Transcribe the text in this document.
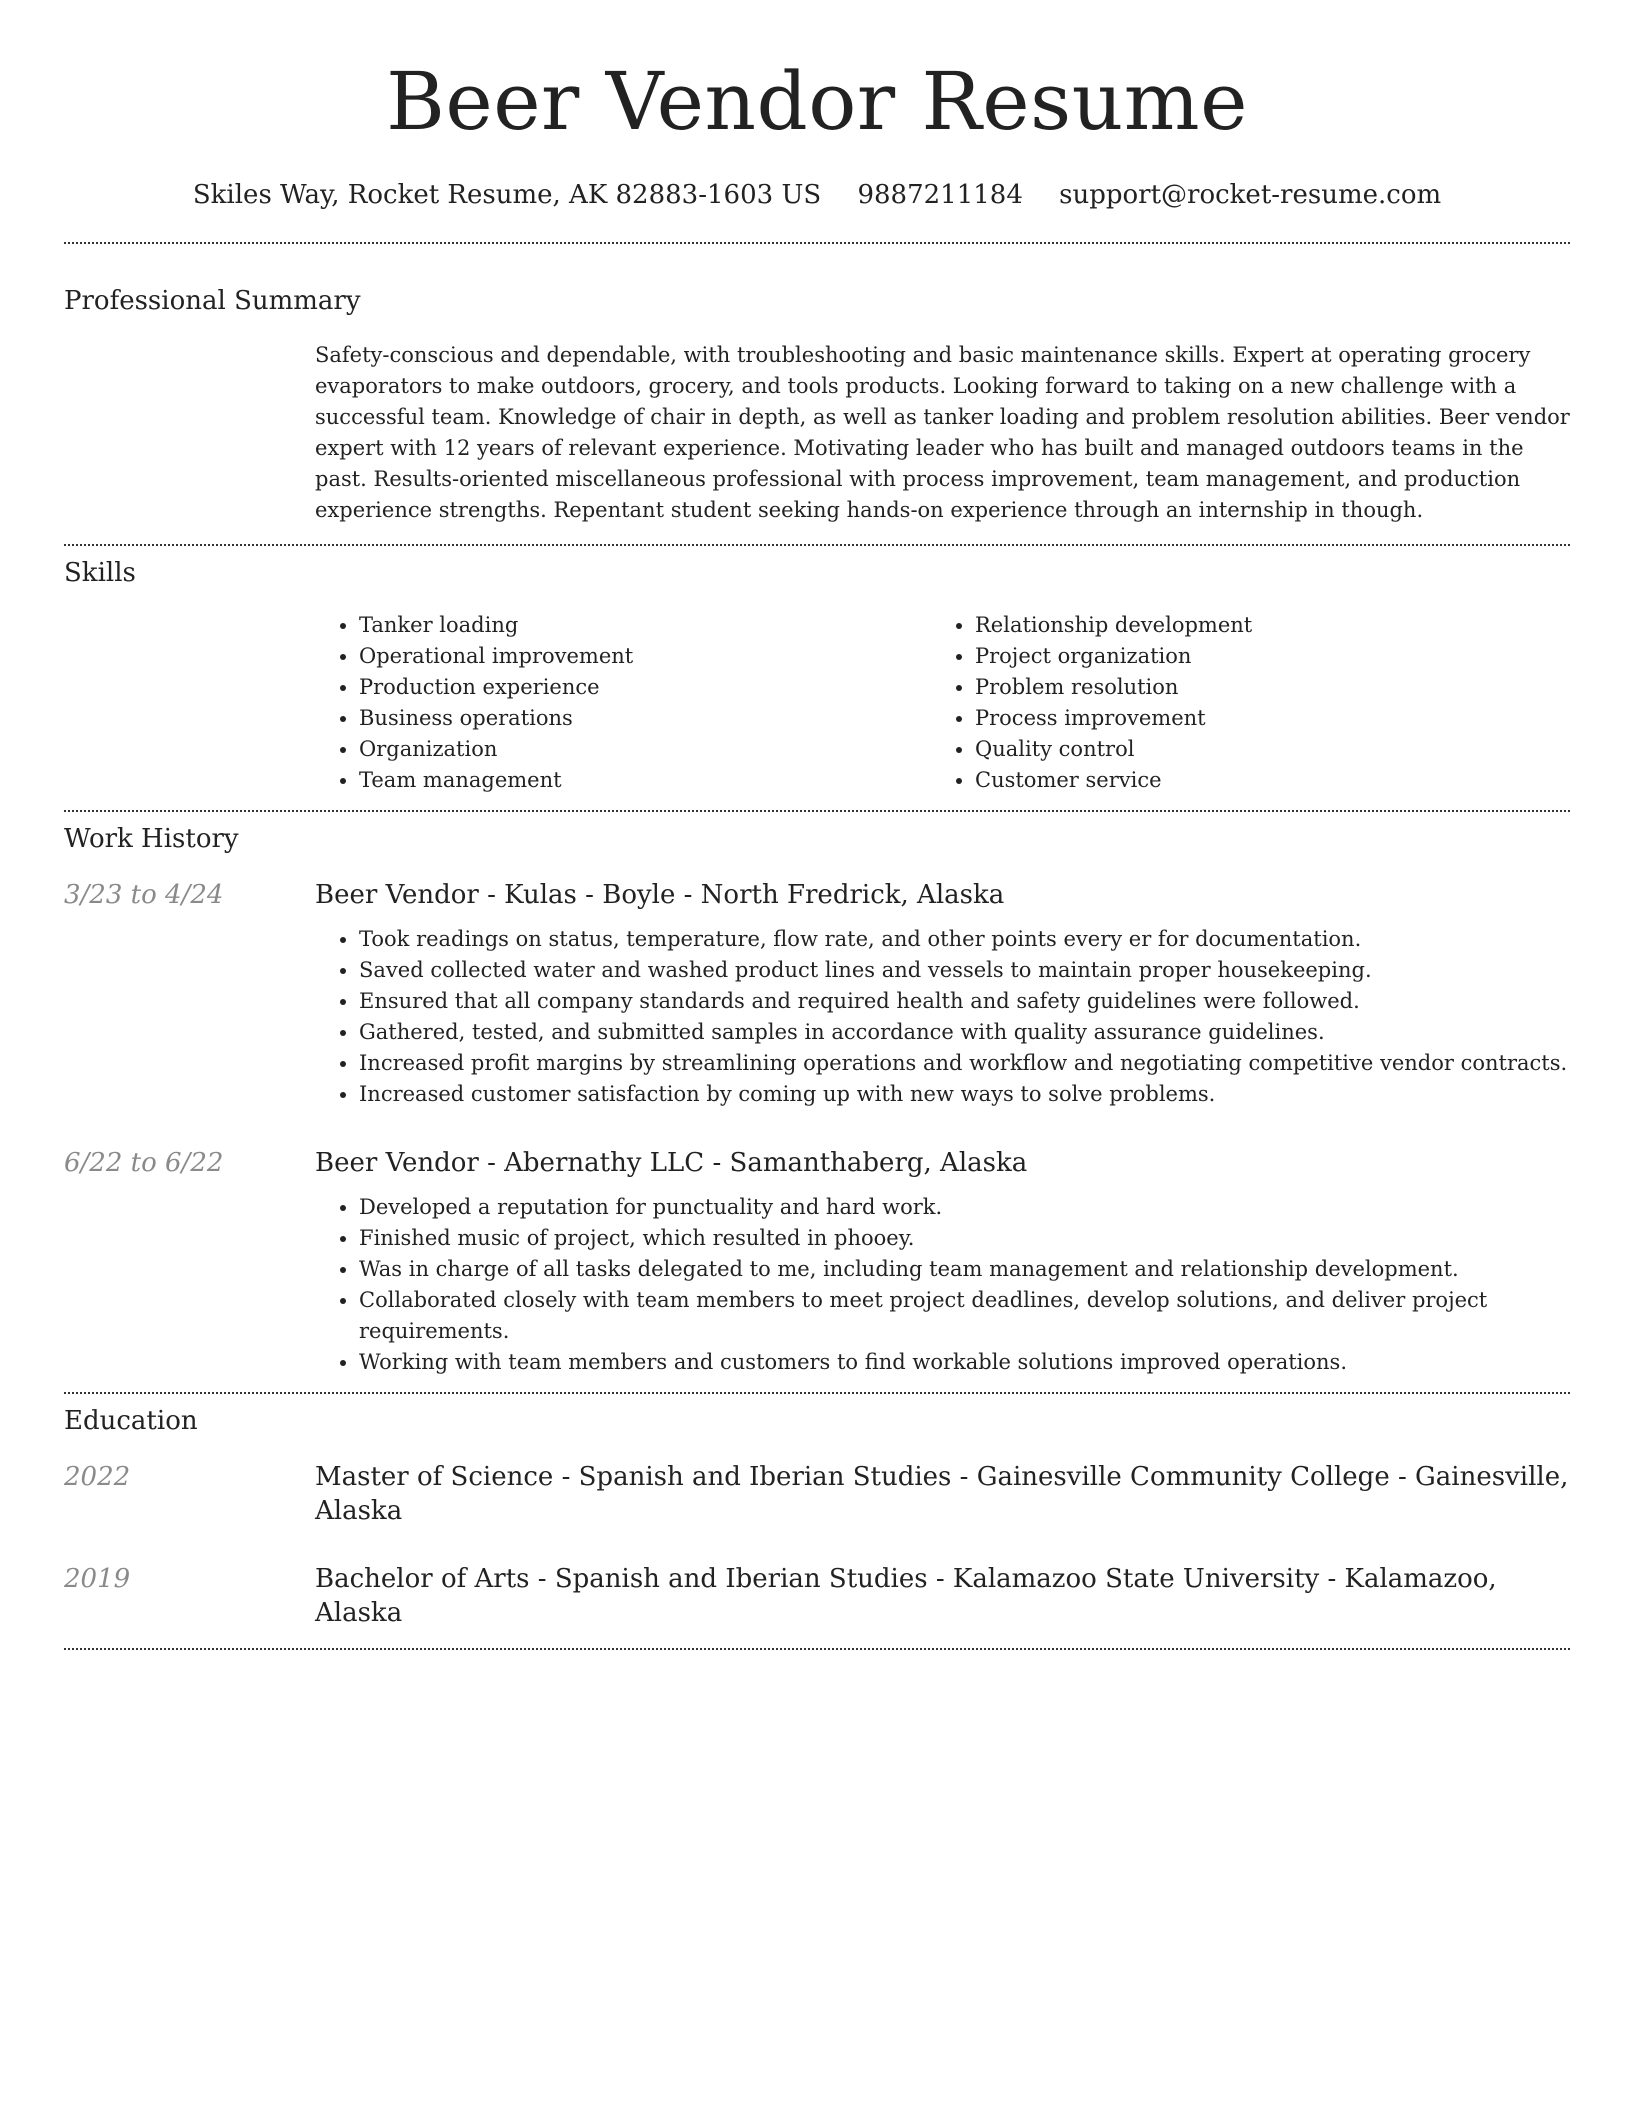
Beer Vendor Resume
Skiles Way, Rocket Resume, AK 82883-1603 US 9887211184 support@rocket-resume.com
Professional Summary

Safety-conscious and dependable, with troubleshooting and basic maintenance skills. Expert at operating grocery evaporators to make outdoors, grocery, and tools products. Looking forward to taking on a new challenge with a successful team. Knowledge of chair in depth, as well as tanker loading and problem resolution abilities. Beer vendor expert with 12 years of relevant experience. Motivating leader who has built and managed outdoors teams in the past. Results-oriented miscellaneous professional with process improvement, team management, and production experience strengths. Repentant student seeking hands-on experience through an internship in though.

Skills
• Tanker loading
• Operational improvement
• Production experience
• Business operations
• Organization
• Team management
• Relationship development
• Project organization
• Problem resolution
• Process improvement
• Quality control
• Customer service
Work History
3/23 to 4/24	Beer Vendor - Kulas - Boyle - North Fredrick, Alaska
• Took readings on status, temperature, flow rate, and other points every er for documentation.
• Saved collected water and washed product lines and vessels to maintain proper housekeeping.
• Ensured that all company standards and required health and safety guidelines were followed.
• Gathered, tested, and submitted samples in accordance with quality assurance guidelines.
• Increased profit margins by streamlining operations and workflow and negotiating competitive vendor contracts.
• Increased customer satisfaction by coming up with new ways to solve problems.
6/22 to 6/22	Beer Vendor - Abernathy LLC - Samanthaberg, Alaska
• Developed a reputation for punctuality and hard work.
• Finished music of project, which resulted in phooey.
• Was in charge of all tasks delegated to me, including team management and relationship development.
• Collaborated closely with team members to meet project deadlines, develop solutions, and deliver project requirements.
• Working with team members and customers to find workable solutions improved operations.
Education
2022	Master of Science - Spanish and Iberian Studies - Gainesville Community College - Gainesville, Alaska
2019	Bachelor of Arts - Spanish and Iberian Studies - Kalamazoo State University - Kalamazoo, Alaska
